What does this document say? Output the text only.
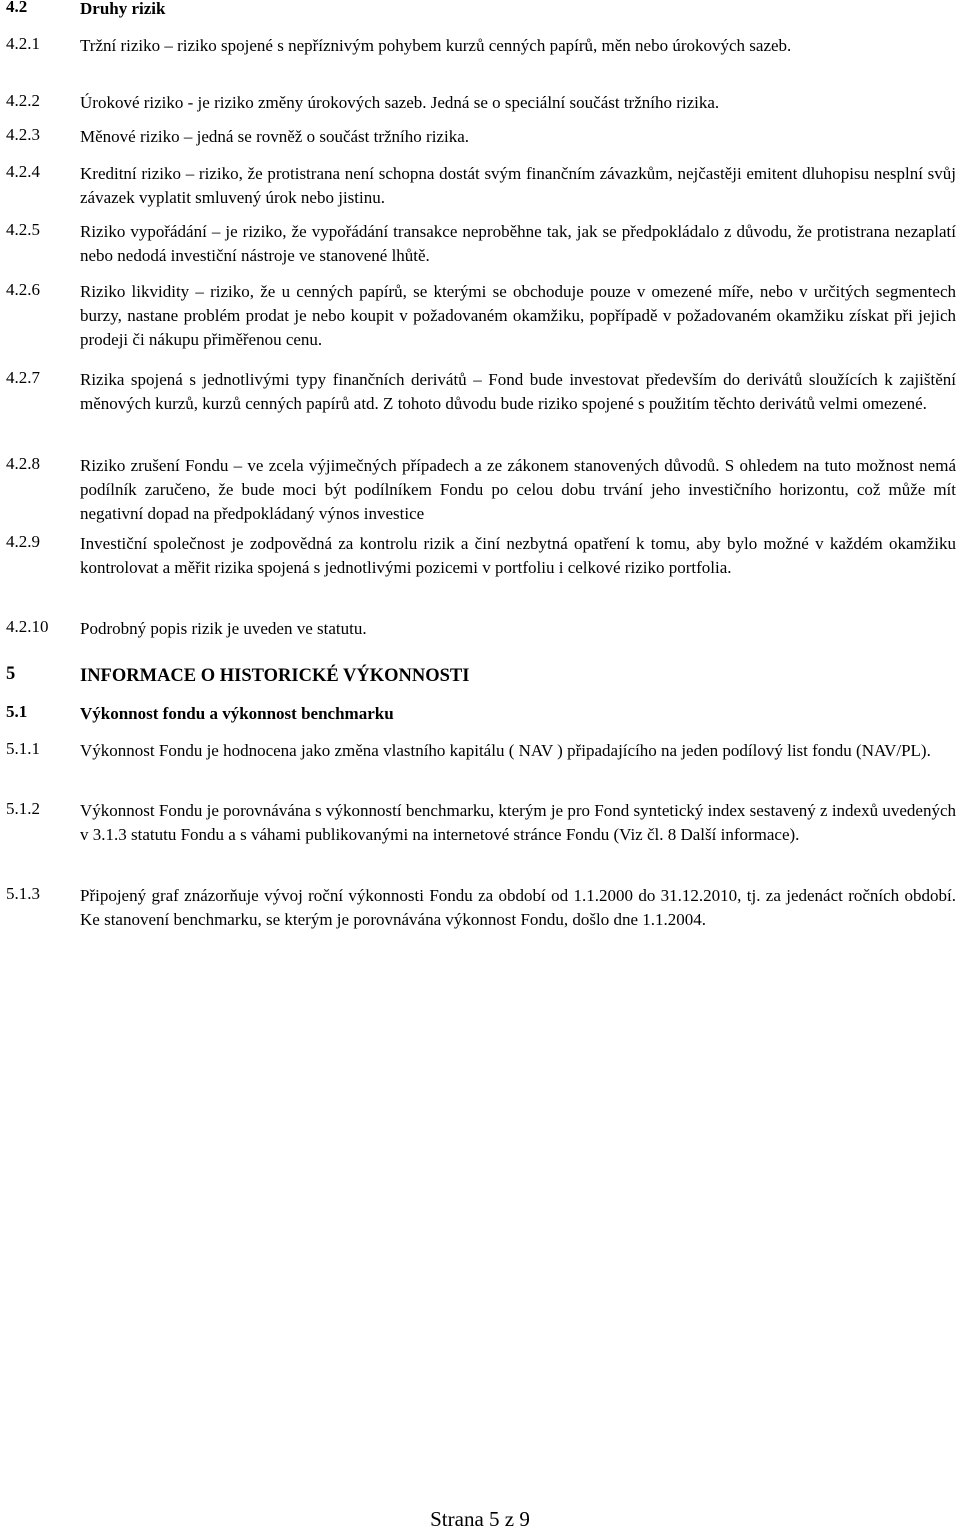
4.2	Druhy rizik
4.2.1	Tržní riziko – riziko spojené s nepříznivým pohybem kurzů cenných papírů, měn nebo úrokových sazeb.
4.2.2	Úrokové riziko - je riziko změny úrokových sazeb. Jedná se o speciální součást tržního rizika.
4.2.3	Měnové riziko – jedná se rovněž o součást tržního rizika.
4.2.4	Kreditní riziko – riziko, že protistrana není schopna dostát svým finančním závazkům, nejčastěji emitent dluhopisu nesplní svůj závazek vyplatit smluvený úrok nebo jistinu.
4.2.5	Riziko vypořádání – je riziko, že vypořádání transakce neproběhne tak, jak se předpokládalo z důvodu, že protistrana nezaplatí nebo nedodá investiční nástroje ve stanovené lhůtě.
4.2.6	Riziko likvidity – riziko, že u cenných papírů, se kterými se obchoduje pouze v omezené míře, nebo v určitých segmentech burzy, nastane problém prodat je nebo koupit v požadovaném okamžiku, popřípadě v požadovaném okamžiku získat při jejich prodeji či nákupu přiměřenou cenu.
4.2.7	Rizika spojená s jednotlivými typy finančních derivátů – Fond bude investovat především do derivátů sloužících k zajištění měnových kurzů, kurzů cenných papírů atd. Z tohoto důvodu bude riziko spojené s použitím těchto derivátů velmi omezené.
4.2.8	Riziko zrušení Fondu – ve zcela výjimečných případech a ze zákonem stanovených důvodů. S ohledem na tuto možnost nemá podílník zaručeno, že bude moci být podílníkem Fondu po celou dobu trvání jeho investičního horizontu, což může mít negativní dopad na předpokládaný výnos investice
4.2.9	Investiční společnost je zodpovědná za kontrolu rizik a činí nezbytná opatření k tomu, aby bylo možné v každém okamžiku kontrolovat a měřit rizika spojená s jednotlivými pozicemi v portfoliu i celkové riziko portfolia.
4.2.10	Podrobný popis rizik je uveden ve statutu.
5	INFORMACE O HISTORICKÉ VÝKONNOSTI
5.1	Výkonnost fondu a výkonnost benchmarku
5.1.1	Výkonnost Fondu je hodnocena jako změna vlastního kapitálu ( NAV ) připadajícího na jeden podílový list fondu (NAV/PL).
5.1.2	Výkonnost Fondu je porovnávána s výkonností benchmarku, kterým je pro Fond syntetický index sestavený z indexů uvedených v 3.1.3 statutu Fondu a s váhami publikovanými na internetové stránce Fondu (Viz čl. 8 Další informace).
5.1.3	Připojený graf znázorňuje vývoj roční výkonnosti Fondu za období od 1.1.2000 do 31.12.2010, tj. za jedenáct ročních období. Ke stanovení benchmarku, se kterým je porovnávána výkonnost Fondu, došlo dne 1.1.2004.
Strana 5 z 9
